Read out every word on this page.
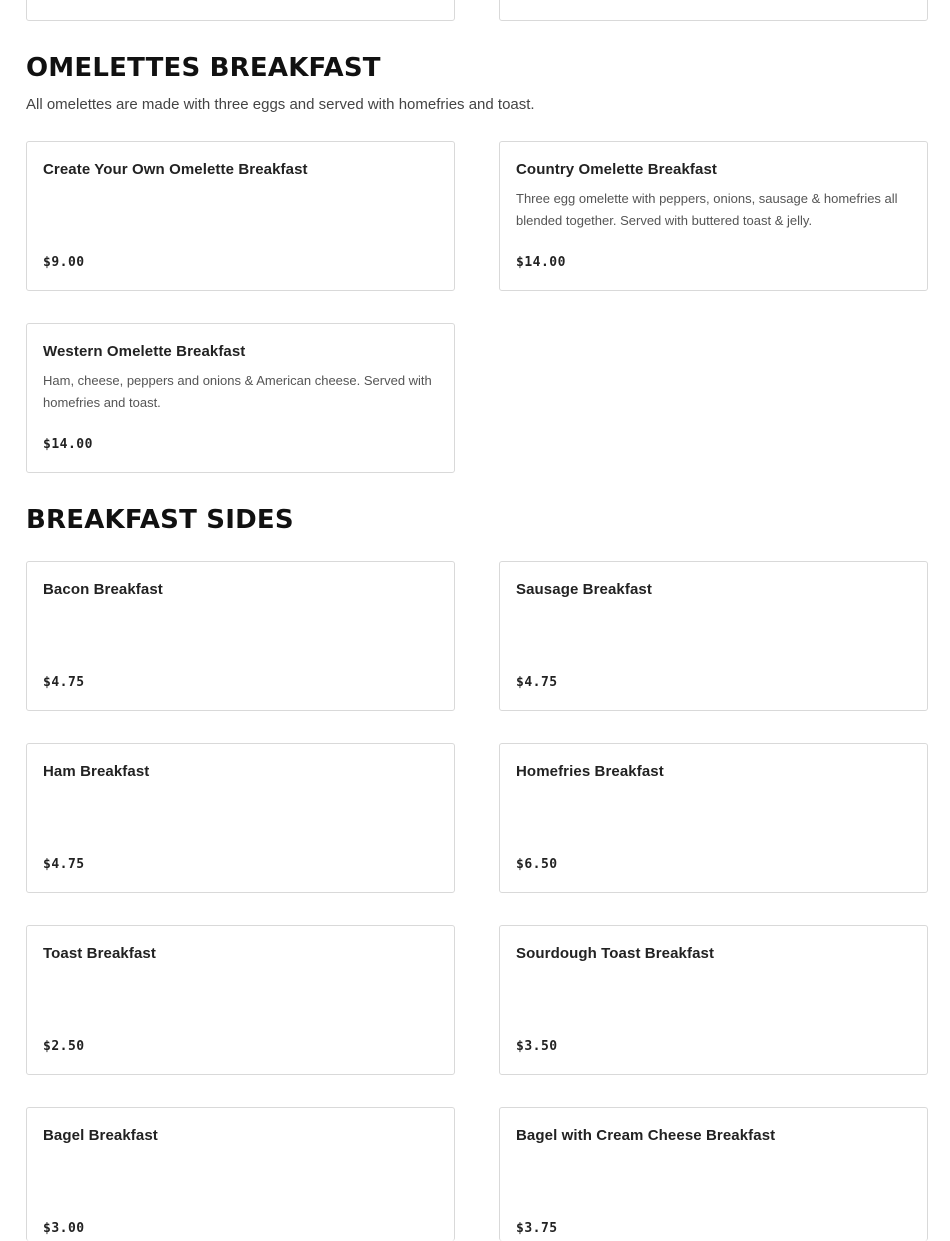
OMELETTES BREAKFAST

All omelettes are made with three eggs and served with homefries and toast.

Create Your Own Omelette Breakfast
$9.00
Country Omelette Breakfast
Three egg omelette with peppers, onions, sausage & homefries all blended together. Served with buttered toast & jelly.
$14.00
Western Omelette Breakfast
Ham, cheese, peppers and onions & American cheese. Served with homefries and toast.
$14.00
BREAKFAST SIDES
Bacon Breakfast
$4.75
Sausage Breakfast
$4.75
Ham Breakfast
$4.75
Homefries Breakfast
$6.50
Toast Breakfast
$2.50
Sourdough Toast Breakfast
$3.50
Bagel Breakfast
$3.00
Bagel with Cream Cheese Breakfast
$3.75
